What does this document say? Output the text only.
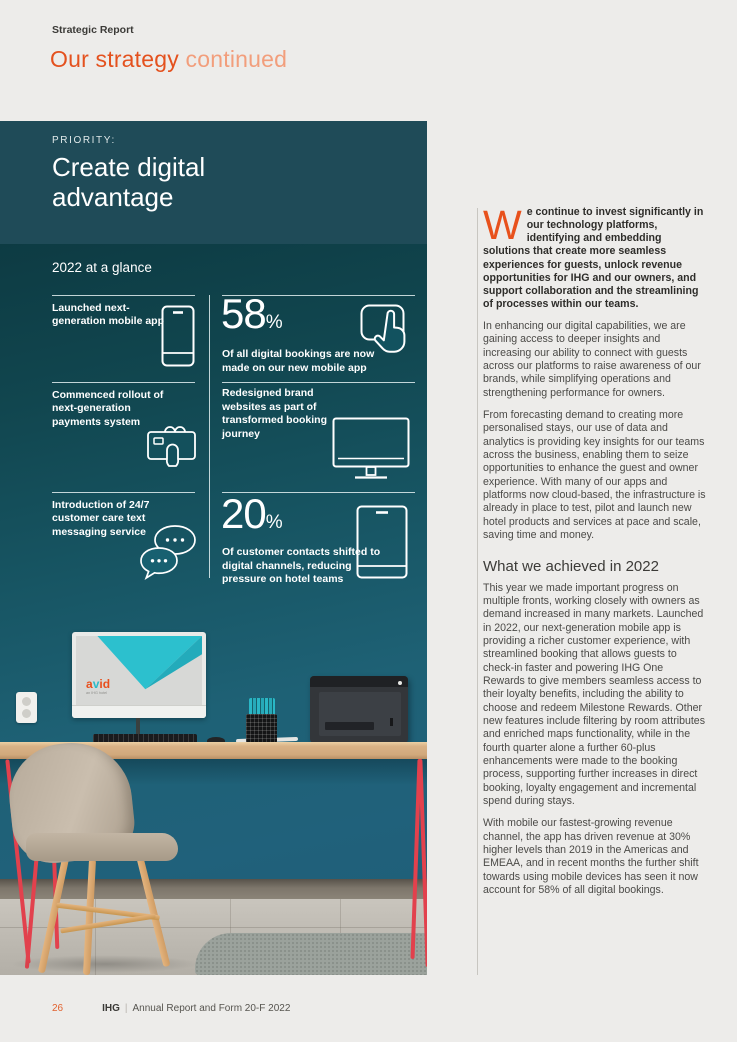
Strategic Report
Our strategy continued
PRIORITY:
Create digital advantage
2022 at a glance
Launched next-generation mobile app
Commenced rollout of next-generation payments system
Introduction of 24/7 customer care text messaging service
58%
Of all digital bookings are now made on our new mobile app
Redesigned brand websites as part of transformed booking journey
20%
Of customer contacts shifted to digital channels, reducing pressure on hotel teams
avid
an IHG hotel

We continue to invest significantly in our technology platforms, identifying and embedding solutions that create more seamless experiences for guests, unlock revenue opportunities for IHG and our owners, and support collaboration and the streamlining of processes within our teams.

In enhancing our digital capabilities, we are gaining access to deeper insights and increasing our ability to connect with guests across our platforms to raise awareness of our brands, while simplifying operations and strengthening performance for owners.

From forecasting demand to creating more personalised stays, our use of data and analytics is providing key insights for our teams across the business, enabling them to seize opportunities to enhance the guest and owner experience. With many of our apps and platforms now cloud-based, the infrastructure is already in place to test, pilot and launch new hotel products and services at pace and scale, saving time and money.

What we achieved in 2022

This year we made important progress on multiple fronts, working closely with owners as demand increased in many markets. Launched in 2022, our next-generation mobile app is providing a richer customer experience, with streamlined booking that allows guests to check-in faster and powering IHG One Rewards to give members seamless access to their loyalty benefits, including the ability to choose and redeem Milestone Rewards. Other new features include filtering by room attributes and enriched maps functionality, while in the fourth quarter alone a further 60-plus enhancements were made to the booking process, supporting further increases in direct booking, loyalty engagement and incremental spend during stays.

With mobile our fastest-growing revenue channel, the app has driven revenue at 30% higher levels than 2019 in the Americas and EMEAA, and in recent months the further shift towards using mobile devices has seen it now account for 58% of all digital bookings.

26	IHG | Annual Report and Form 20-F 2022
